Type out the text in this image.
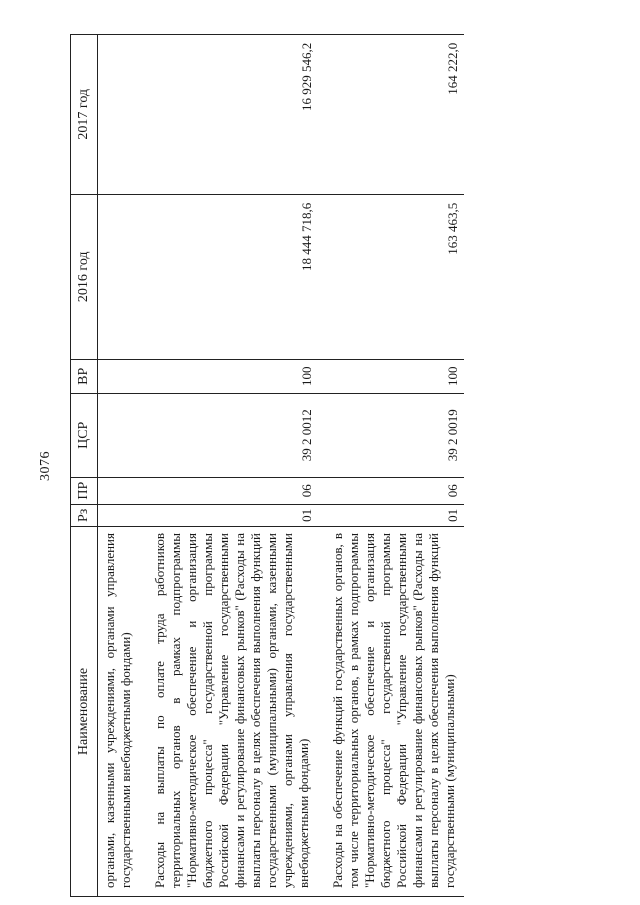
3076
Наименование	Рз	ПР	ЦСР	ВР	2016 год	2017 год
органами, казенными учреждениями, органами управления государственными внебюджетными фондами)						
Расходы на выплаты по оплате труда работников территориальных органов в рамках подпрограммы "Нормативно-методическое обеспечение и организация бюджетного процесса" государственной программы Российской Федерации "Управление государственными финансами и регулирование финансовых рынков" (Расходы на выплаты персоналу в целях обеспечения выполнения функций государственными (муниципальными) органами, казенными учреждениями, органами управления государственными внебюджетными фондами)	01	06	39 2 0012	100	18 444 718,6	16 929 546,2
Расходы на обеспечение функций государственных органов, в том числе территориальных органов, в рамках подпрограммы "Нормативно-методическое обеспечение и организация бюджетного процесса" государственной программы Российской Федерации "Управление государственными финансами и регулирование финансовых рынков" (Расходы на выплаты персоналу в целях обеспечения выполнения функций государственными (муниципальными)	01	06	39 2 0019	100	163 463,5	164 222,0
